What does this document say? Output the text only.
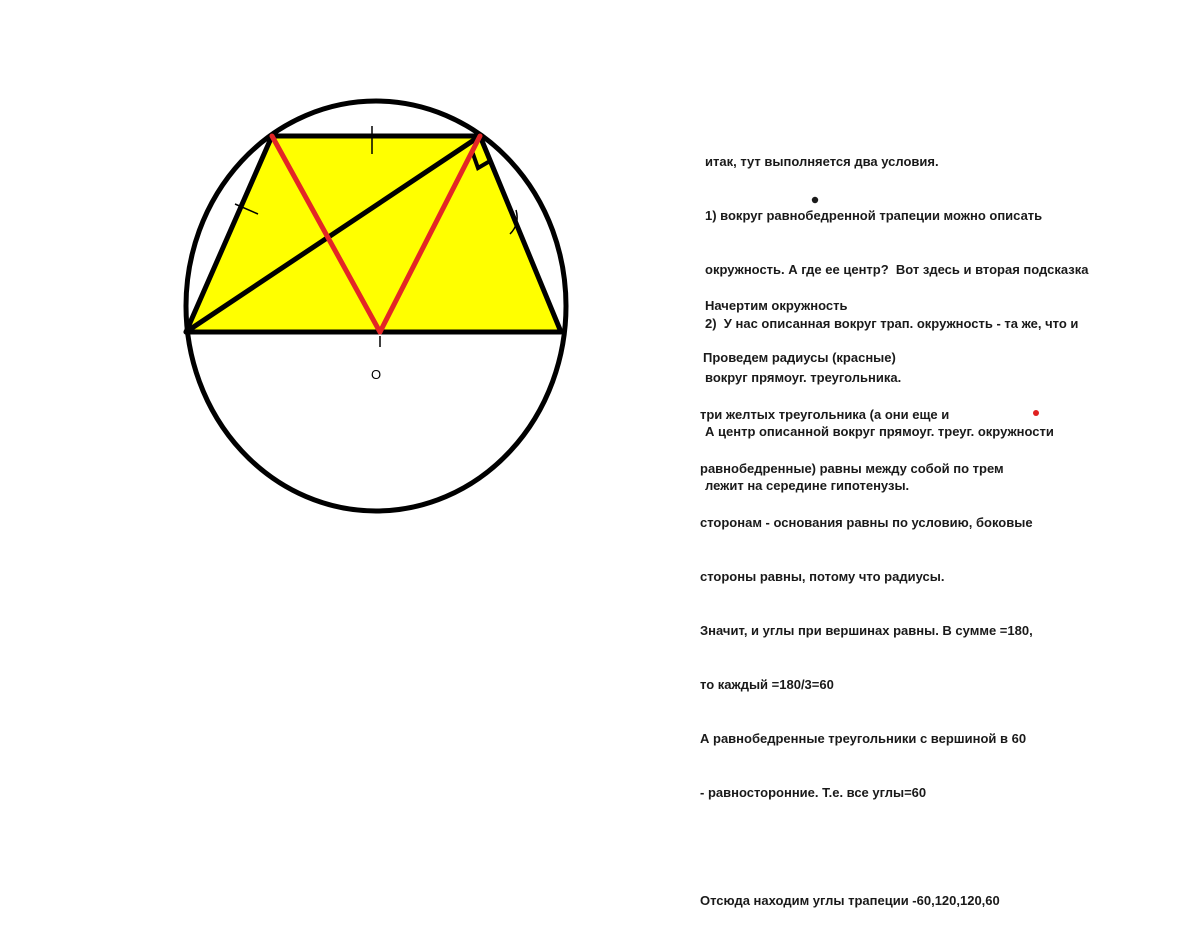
O

итак, тут выполняется два условия.

1) вокруг равнобедренной трапеции можно описать

окружность. А где ее центр?  Вот здесь и вторая подсказка

2)  У нас описанная вокруг трап. окружность - та же, что и

вокруг прямоуг. треугольника.

А центр описанной вокруг прямоуг. треуг. окружности

лежит на середине гипотенузы.

Начертим окружность

Проведем радиусы (красные)

три желтых треугольника (а они еще и

равнобедренные) равны между собой по трем

сторонам - основания равны по условию, боковые

стороны равны, потому что радиусы.

Значит, и углы при вершинах равны. В сумме =180,

то каждый =180/3=60

А равнобедренные треугольники с вершиной в 60

- равносторонние. Т.е. все углы=60

Отсюда находим углы трапеции -60,120,120,60
